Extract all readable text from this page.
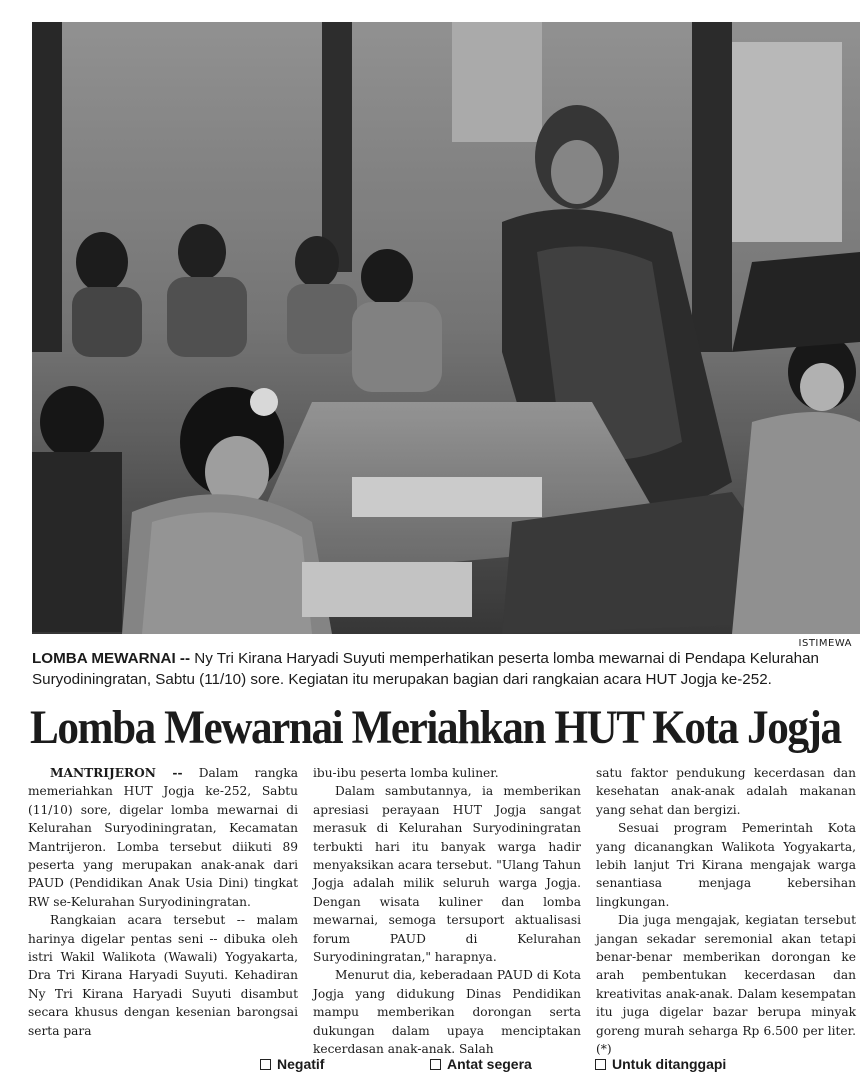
ISTIMEWA
LOMBA MEWARNAI -- Ny Tri Kirana Haryadi Suyuti memperhatikan peserta lomba mewarnai di Pendapa Kelurahan Suryodiningratan, Sabtu (11/10) sore. Kegiatan itu merupakan bagian dari rangkaian acara HUT Jogja ke-252.
Lomba Mewarnai Meriahkan HUT Kota Jogja

MANTRIJERON -- Dalam rangka memeriahkan HUT Jogja ke-252, Sabtu (11/10) sore, digelar lomba mewarnai di Kelurahan Suryodiningratan, Kecamatan Mantrijeron. Lomba tersebut diikuti 89 peserta yang merupakan anak-anak dari PAUD (Pendidikan Anak Usia Dini) tingkat RW se-Kelurahan Suryodiningratan.

Rangkaian acara tersebut -- malam harinya digelar pentas seni -- dibuka oleh istri Wakil Walikota (Wawali) Yogyakarta, Dra Tri Kirana Haryadi Suyuti. Kehadiran Ny Tri Kirana Haryadi Suyuti disambut secara khusus dengan kesenian barongsai serta para

ibu-ibu peserta lomba kuliner.

Dalam sambutannya, ia memberikan apresiasi perayaan HUT Jogja sangat merasuk di Kelurahan Suryodiningratan terbukti hari itu banyak warga hadir menyaksikan acara tersebut. "Ulang Tahun Jogja adalah milik seluruh warga Jogja. Dengan wisata kuliner dan lomba mewarnai, semoga tersuport aktualisasi forum PAUD di Kelurahan Suryodiningratan," harapnya.

Menurut dia, keberadaan PAUD di Kota Jogja yang didukung Dinas Pendidikan mampu memberikan dorongan serta dukungan dalam upaya menciptakan kecerdasan anak-anak. Salah

satu faktor pendukung kecerdasan dan kesehatan anak-anak adalah makanan yang sehat dan bergizi.

Sesuai program Pemerintah Kota yang dicanangkan Walikota Yogyakarta, lebih lanjut Tri Kirana mengajak warga senantiasa menjaga kebersihan lingkungan.

Dia juga mengajak, kegiatan tersebut jangan sekadar seremonial akan tetapi benar-benar memberikan dorongan ke arah pembentukan kecerdasan dan kreativitas anak-anak. Dalam kesempatan itu juga digelar bazar berupa minyak goreng murah seharga Rp 6.500 per liter. (*)

Negatif	Antat segera	Untuk ditanggapi
